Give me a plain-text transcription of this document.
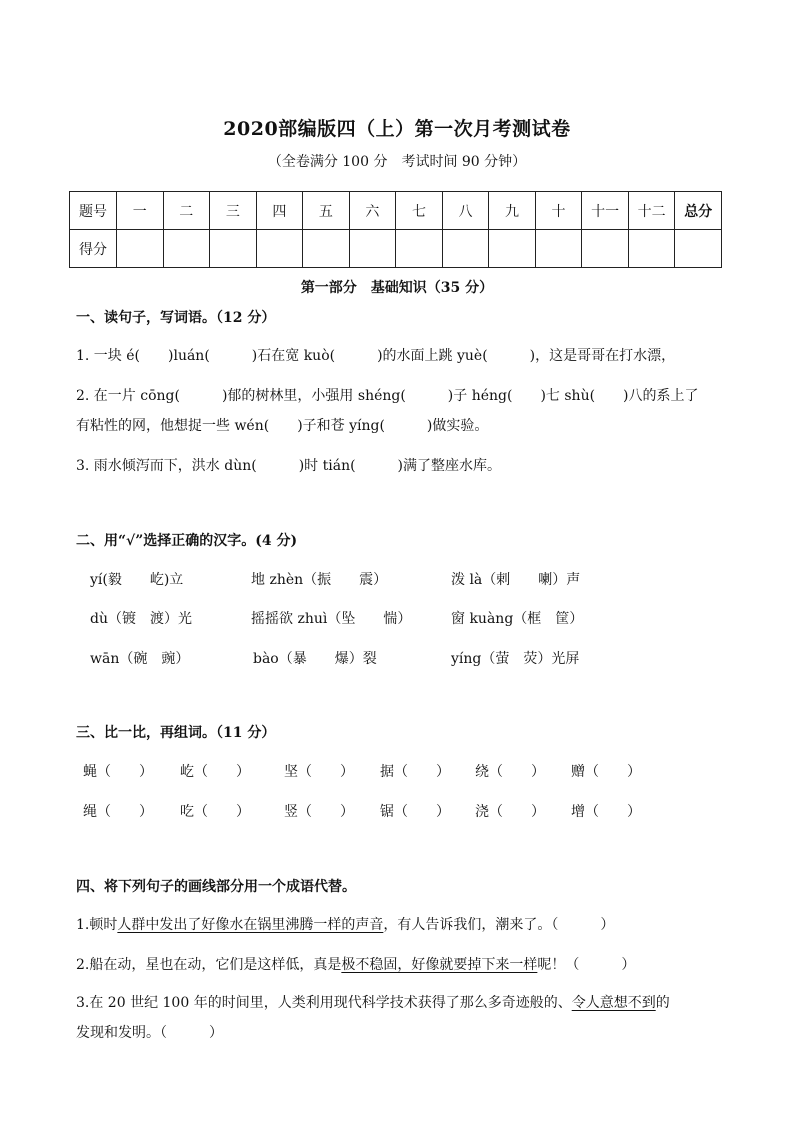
2020部编版四（上）第一次月考测试卷
（全卷满分 100 分　考试时间 90 分钟）
题号	一	二	三	四	五	六	七	八	九	十	十一	十二	总分
得分													
第一部分　基础知识（35 分）
一、读句子，写词语。（12 分）
1. 一块 é(　　)luán(　　　)石在宽 kuò(　　　)的水面上跳 yuè(　　　)，这是哥哥在打水漂，
2. 在一片 cōng(　　　)郁的树林里，小强用 shéng(　　　)子 héng(　　)七 shù(　　)八的系上了
有粘性的网，他想捉一些 wén(　　)子和苍 yíng(　　　)做实验。
3. 雨水倾泻而下，洪水 dùn(　　　)时 tián(　　　)满了整座水库。
二、用“√”选择正确的汉字。(4 分)
yí(毅　　屹)立	地 zhèn（振　　震）	泼 là（剌　　喇）声
dù（镀　渡）光	摇摇欲 zhuì（坠　　惴）	窗 kuàng（框　筐）
wān（碗　豌）	bào（暴　　爆）裂	yíng（萤　荧）光屏
三、比一比，再组词。（11 分）
蝇（　　） 屹（　　） 坚（　　） 据（　　） 绕（　　） 赠（　　）
绳（　　） 吃（　　） 竖（　　） 锯（　　） 浇（　　） 增（　　）
四、将下列句子的画线部分用一个成语代替。
1.顿时人群中发出了好像水在锅里沸腾一样的声音，有人告诉我们，潮来了。（　　　）
2.船在动，星也在动，它们是这样低，真是极不稳固，好像就要掉下来一样呢！（　　　）
3.在 20 世纪 100 年的时间里，人类利用现代科学技术获得了那么多奇迹般的、令人意想不到的
发现和发明。（　　　）
